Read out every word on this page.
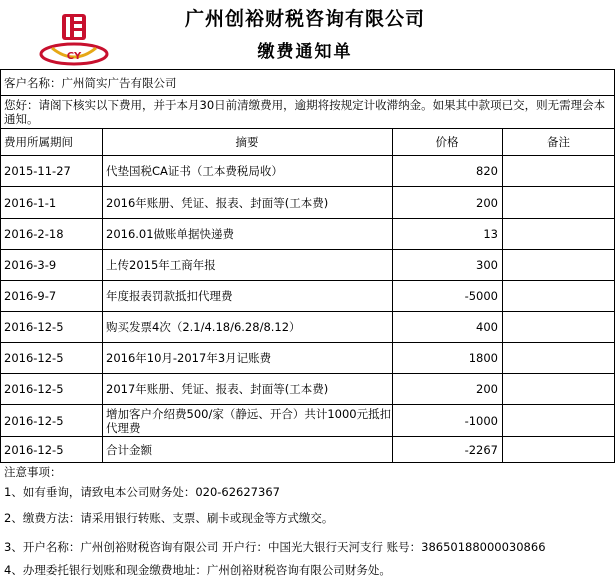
CY
广州创裕财税咨询有限公司
缴费通知单
客户名称：广州简实广告有限公司
您好：请阁下核实以下费用，并于本月30日前清缴费用，逾期将按规定计收滞纳金。如果其中款项已交，则无需理会本通知。
费用所属期间	摘要	价格	备注
2015-11-27	代垫国税CA证书（工本费税局收）	820
2016-1-1	2016年账册、凭证、报表、封面等(工本费)	200
2016-2-18	2016.01做账单据快递费	13
2016-3-9	上传2015年工商年报	300
2016-9-7	年度报表罚款抵扣代理费	-5000
2016-12-5	购买发票4次（2.1/4.18/6.28/8.12）	400
2016-12-5	2016年10月-2017年3月记账费	1800
2016-12-5	2017年账册、凭证、报表、封面等(工本费)	200
2016-12-5	增加客户介绍费500/家（静远、开合）共计1000元抵扣代理费	-1000
2016-12-5	合计金额	-2267
注意事项：
1、如有垂询，请致电本公司财务处：020-62627367
2、缴费方法：请采用银行转账、支票、刷卡或现金等方式缴交。
3、开户名称：广州创裕财税咨询有限公司 开户行：中国光大银行天河支行 账号：38650188000030866
4、办理委托银行划账和现金缴费地址：广州创裕财税咨询有限公司财务处。
